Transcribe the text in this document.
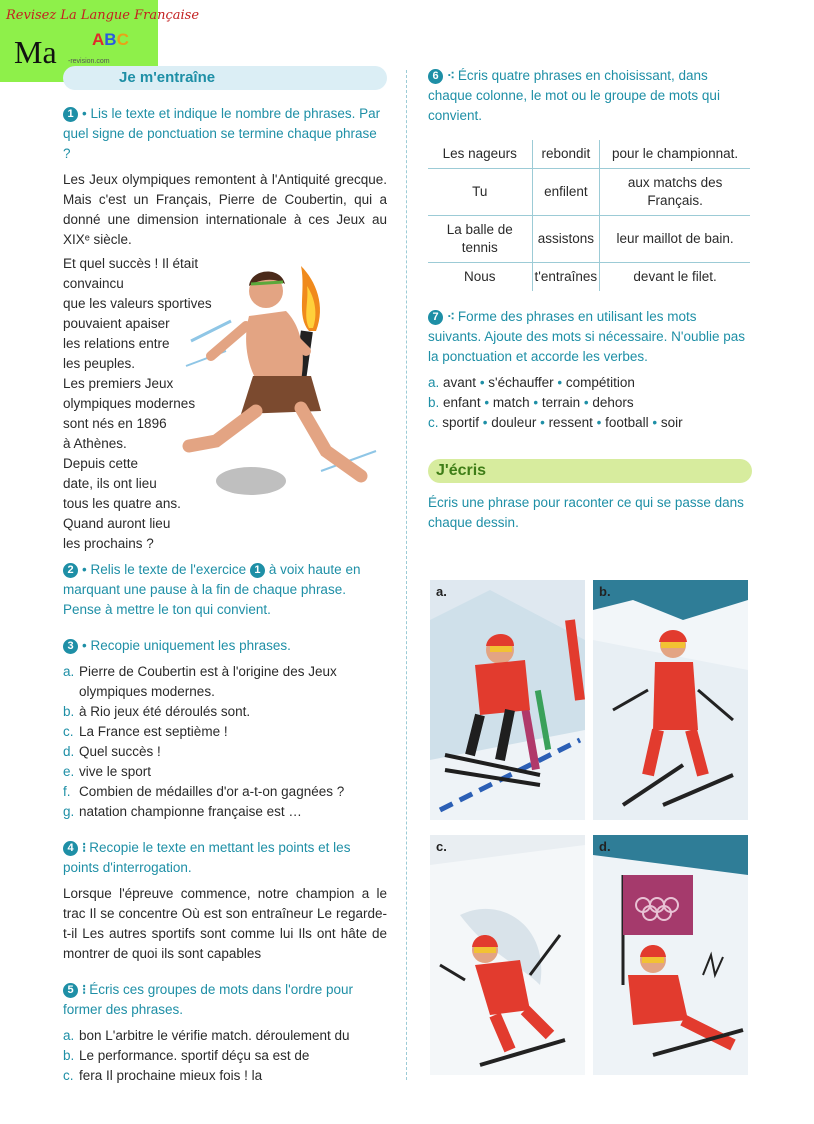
Revisez La Langue Française
Ma ABC
-revision.com
Je m'entraîne
1 • Lis le texte et indique le nombre de phrases. Par quel signe de ponctuation se termine chaque phrase ?
Les Jeux olympiques remontent à l'Antiquité grecque. Mais c'est un Français, Pierre de Coubertin, qui a donné une dimension internationale à ces Jeux au XIXᵉ siècle.
Et quel succès ! Il était convaincu
que les valeurs sportives
pouvaient apaiser
les relations entre
les peuples.
Les premiers Jeux
olympiques modernes
sont nés en 1896
à Athènes.
Depuis cette
date, ils ont lieu
tous les quatre ans.
Quand auront lieu
les prochains ?
2 • Relis le texte de l'exercice 1 à voix haute en marquant une pause à la fin de chaque phrase. Pense à mettre le ton qui convient.
3 • Recopie uniquement les phrases.
a. Pierre de Coubertin est à l'origine des Jeux
olympiques modernes.
b. à Rio jeux été déroulés sont.
c. La France est septième !
d. Quel succès !
e. vive le sport
f. Combien de médailles d'or a-t-on gagnées ?
g. natation championne française est …
4 ⁝ Recopie le texte en mettant les points et les points d'interrogation.
Lorsque l'épreuve commence, notre champion a le trac Il se concentre Où est son entraîneur Le regarde-t-il Les autres sportifs sont comme lui Ils ont hâte de montrer de quoi ils sont capables
5 ⁝ Écris ces groupes de mots dans l'ordre pour former des phrases.
a. bon L'arbitre le vérifie match. déroulement du
b. Le performance. sportif déçu sa est de
c. fera Il prochaine mieux fois ! la
6 ⁖ Écris quatre phrases en choisissant, dans chaque colonne, le mot ou le groupe de mots qui convient.
Les nageurs	rebondit	pour le championnat.
Tu	enfilent	aux matchs des Français.
La balle de tennis	assistons	leur maillot de bain.
Nous	t'entraînes	devant le filet.
7 ⁖ Forme des phrases en utilisant les mots suivants. Ajoute des mots si nécessaire. N'oublie pas la ponctuation et accorde les verbes.
a. avant • s'échauffer • compétition
b. enfant • match • terrain • dehors
c. sportif • douleur • ressent • football • soir
J'écris
Écris une phrase pour raconter ce qui se passe dans chaque dessin.
a.	b.
c.	d.
